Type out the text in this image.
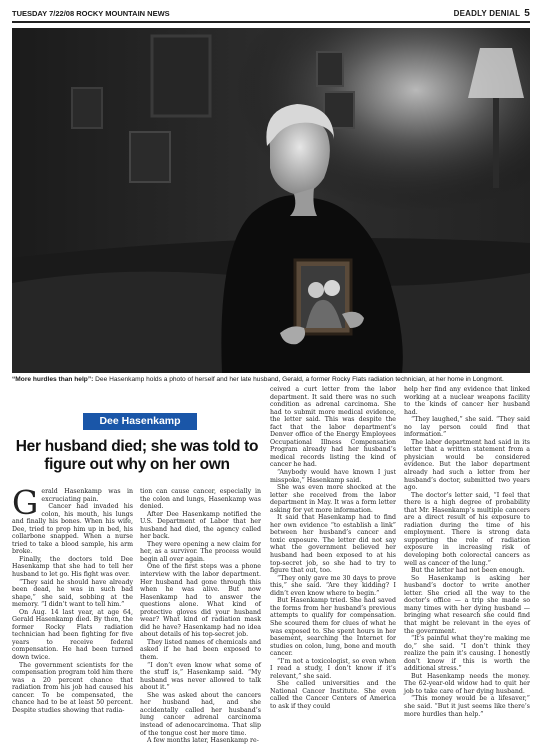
TUESDAY 7/22/08 ROCKY MOUNTAIN NEWS	DEADLY DENIAL 5
“More hurdles than help”: Dee Hasenkamp holds a photo of herself and her late husband, Gerald, a former Rocky Flats radiation technician, at her home in Longmont.
Dee Hasenkamp
Her husband died; she was told to figure out why on her own

Gerald Hasenkamp was in excruciating pain.

Cancer had invaded his colon, his mouth, his lungs and finally his bones. When his wife, Dee, tried to prop him up in bed, his collarbone snapped. When a nurse tried to take a blood sample, his arm broke.

Finally, the doctors told Dee Hasenkamp that she had to tell her husband to let go. His fight was over.

“They said he should have already been dead, he was in such bad shape,” she said, sobbing at the memory. “I didn’t want to tell him.”

On Aug. 14 last year, at age 64, Gerald Hasenkamp died. By then, the former Rocky Flats radiation technician had been fighting for five years to receive federal compensation. He had been turned down twice.

The government scientists for the compensation program told him there was a 20 percent chance that radiation from his job had caused his cancer. To be compensated, the chance had to be at least 50 percent. Despite studies showing that radia-

tion can cause cancer, especially in the colon and lungs, Hasenkamp was denied.

After Dee Hasenkamp notified the U.S. Department of Labor that her husband had died, the agency called her back.

They were opening a new claim for her, as a survivor. The process would begin all over again.

One of the first steps was a phone interview with the labor department. Her husband had gone through this when he was alive. But now Hasenkamp had to answer the questions alone. What kind of protective gloves did your husband wear? What kind of radiation mask did he have? Hasenkamp had no idea about details of his top-secret job.

They listed names of chemicals and asked if he had been exposed to them.

“I don’t even know what some of the stuff is,” Hasenkamp said. “My husband was never allowed to talk about it.”

She was asked about the cancers her husband had, and she accidentally called her husband’s lung cancer adrenal carcinoma instead of adenocarcinoma. That slip of the tongue cost her more time.

A few months later, Hasenkamp re-

ceived a curt letter from the labor department. It said there was no such condition as adrenal carcinoma. She had to submit more medical evidence, the letter said. This was despite the fact that the labor department’s Denver office of the Energy Employees Occupational Illness Compensation Program already had her husband’s medical records listing the kind of cancer he had.

“Anybody would have known I just misspoke,” Hasenkamp said.

She was even more shocked at the letter she received from the labor department in May. It was a form letter asking for yet more information.

It said that Hasenkamp had to find her own evidence “to establish a link” between her husband’s cancer and toxic exposure. The letter did not say what the government believed her husband had been exposed to at his top-secret job, so she had to try to figure that out, too.

“They only gave me 30 days to prove this,” she said. “Are they kidding? I didn’t even know where to begin.”

But Hasenkamp tried. She had saved the forms from her husband’s previous attempts to qualify for compensation. She scoured them for clues of what he was exposed to. She spent hours in her basement, searching the Internet for studies on colon, lung, bone and mouth cancer.

“I’m not a toxicologist, so even when I read a study, I don’t know if it’s relevant,” she said.

She called universities and the National Cancer Institute. She even called the Cancer Centers of America to ask if they could

help her find any evidence that linked working at a nuclear weapons facility to the kinds of cancer her husband had.

“They laughed,” she said. “They said no lay person could find that information.”

The labor department had said in its letter that a written statement from a physician would be considered evidence. But the labor department already had such a letter from her husband’s doctor, submitted two years ago.

The doctor’s letter said, “I feel that there is a high degree of probability that Mr. Hasenkamp’s multiple cancers are a direct result of his exposure to radiation during the time of his employment. There is strong data supporting the role of radiation exposure in increasing risk of developing both colorectal cancers as well as cancer of the lung.”

But the letter had not been enough.

So Hasenkamp is asking her husband’s doctor to write another letter. She cried all the way to the doctor’s office — a trip she made so many times with her dying husband — bringing what research she could find that might be relevant in the eyes of the government.

“It’s painful what they’re making me do,” she said. “I don’t think they realize the pain it’s causing. I honestly don’t know if this is worth the additional stress.”

But Hasenkamp needs the money. The 62-year-old widow had to quit her job to take care of her dying husband.

“This money would be a lifesaver,” she said. “But it just seems like there’s more hurdles than help.”
